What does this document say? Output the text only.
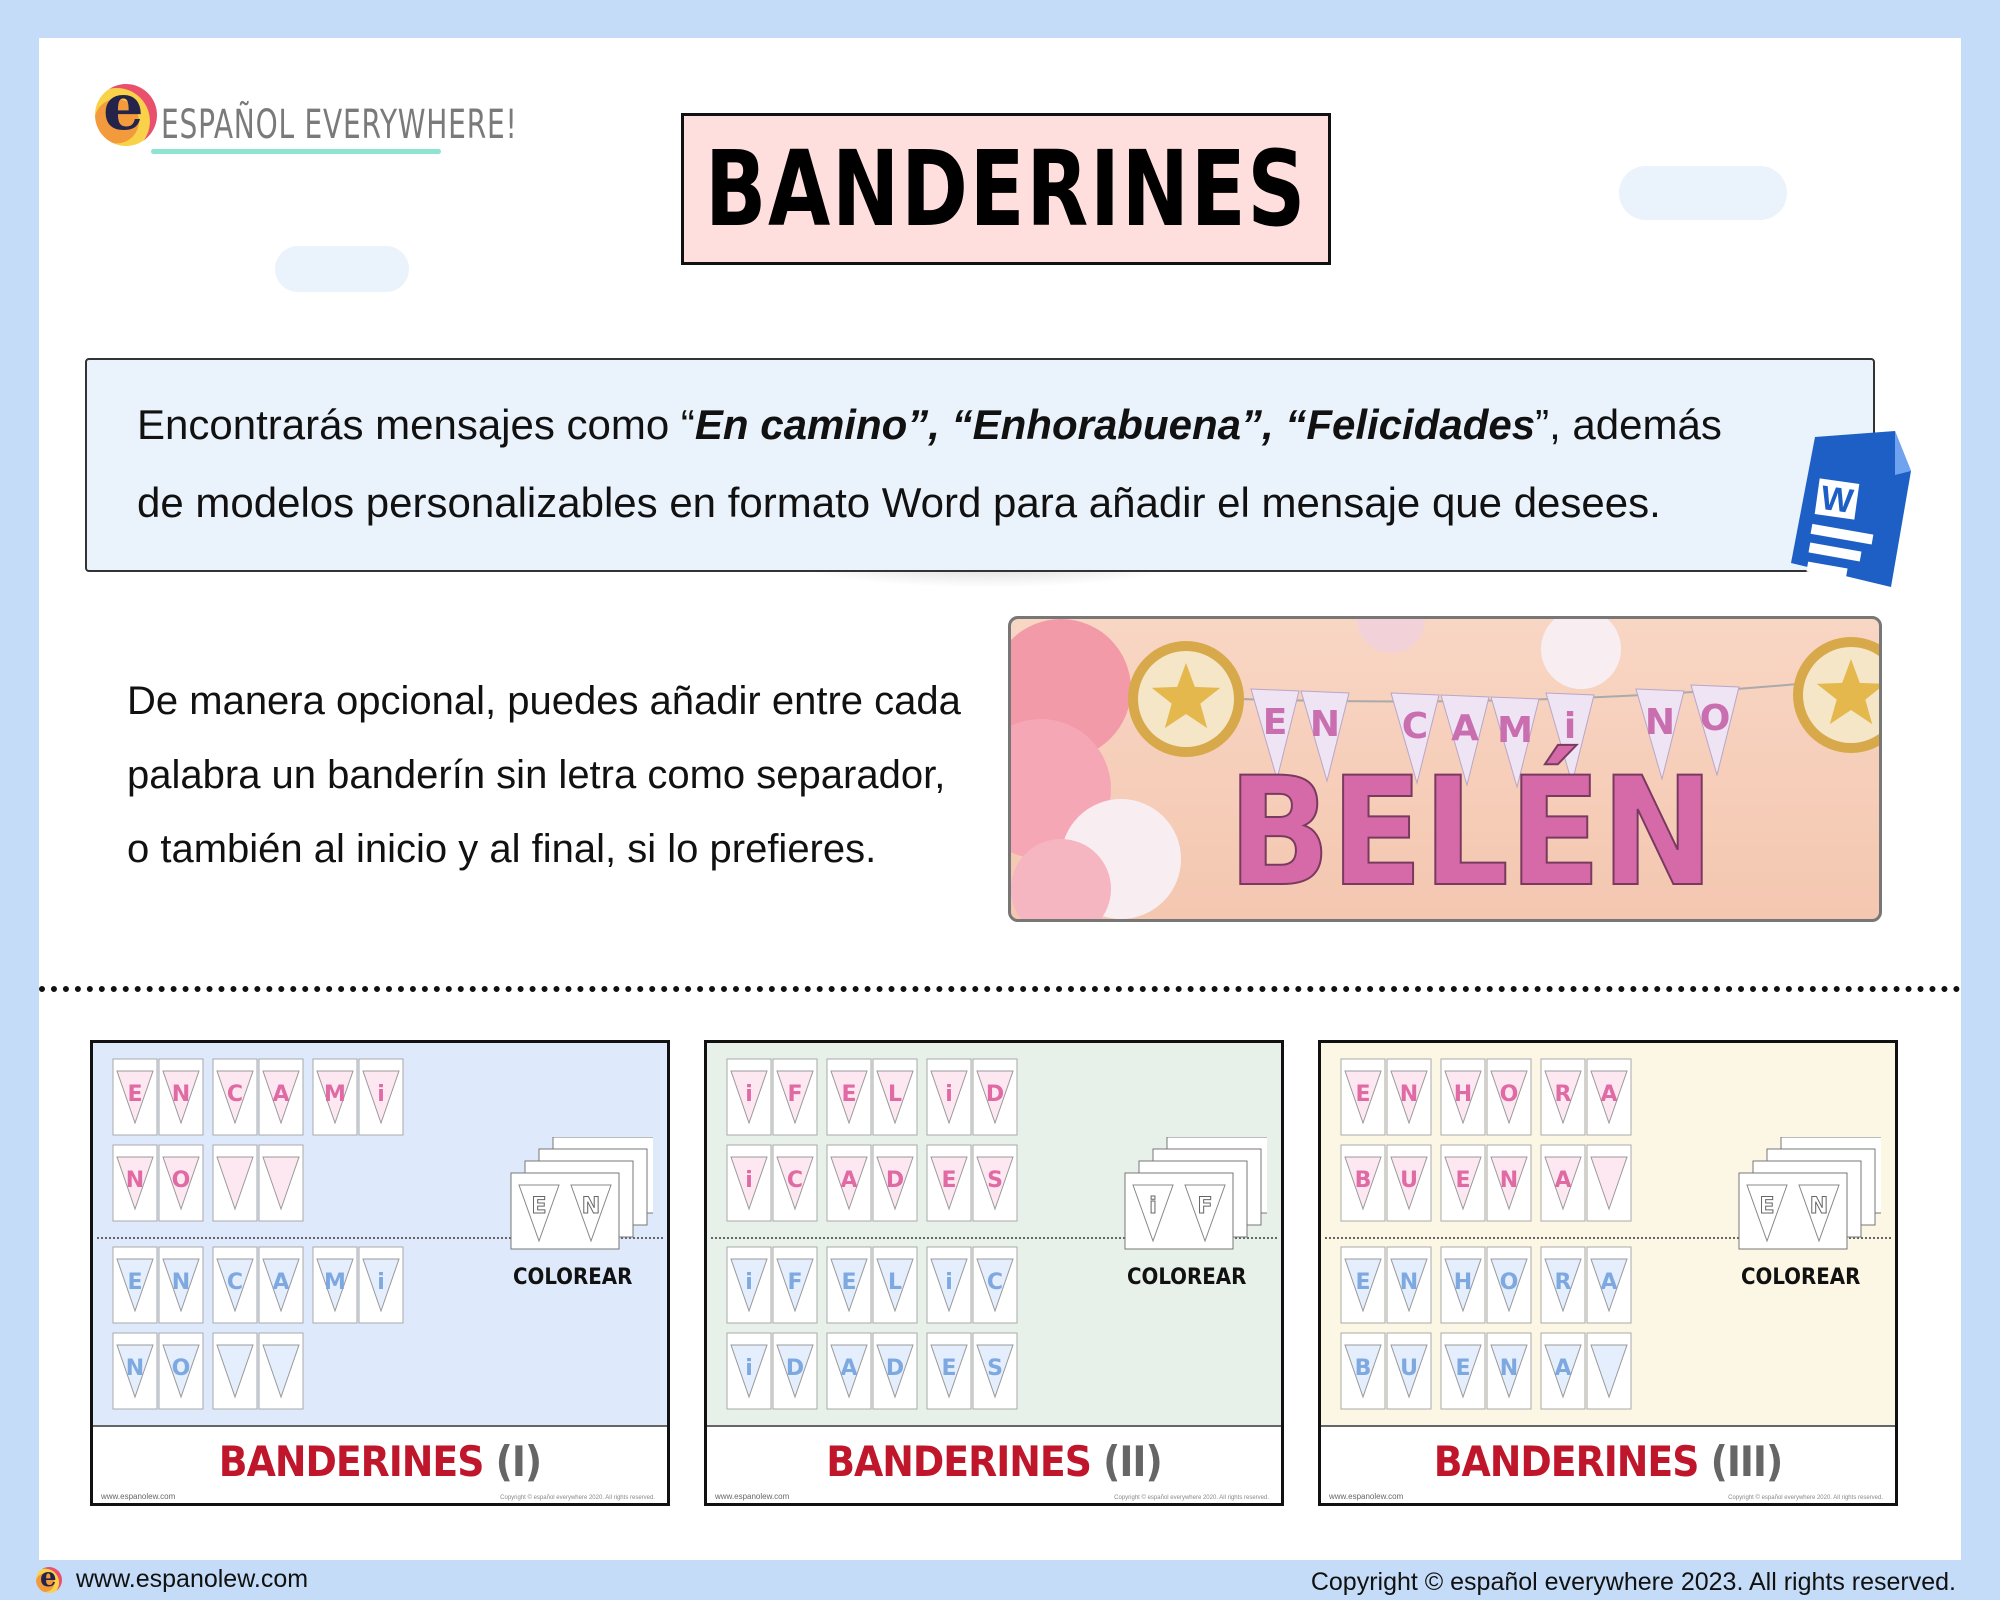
e ESPAÑOL EVERYWHERE!
BANDERINES
Encontrarás mensajes como “En camino”, “Enhorabuena”, “Felicidades”, además
de modelos personalizables en formato Word para añadir el mensaje que desees.	W
De manera opcional, puedes añadir entre cada
palabra un banderín sin letra como separador,
o también al inicio y al final, si lo prefieres.
E N C A M i N O
BELÉN
E N C A M i
N O
E N C A M i
N O
E N
COLOREAR
BANDERINES (I)
www.espanolew.com	Copyright © español everywhere 2020. All rights reserved.
i F E L i D
i C A D E S
i F E L i C
i D A D E S
i F
COLOREAR
BANDERINES (II)
www.espanolew.com	Copyright © español everywhere 2020. All rights reserved.
E N H O R A
B U E N A
E N H O R A
B U E N A
E N
COLOREAR
BANDERINES (III)
www.espanolew.com	Copyright © español everywhere 2020. All rights reserved.
e www.espanolew.com	Copyright © español everywhere 2023. All rights reserved.
